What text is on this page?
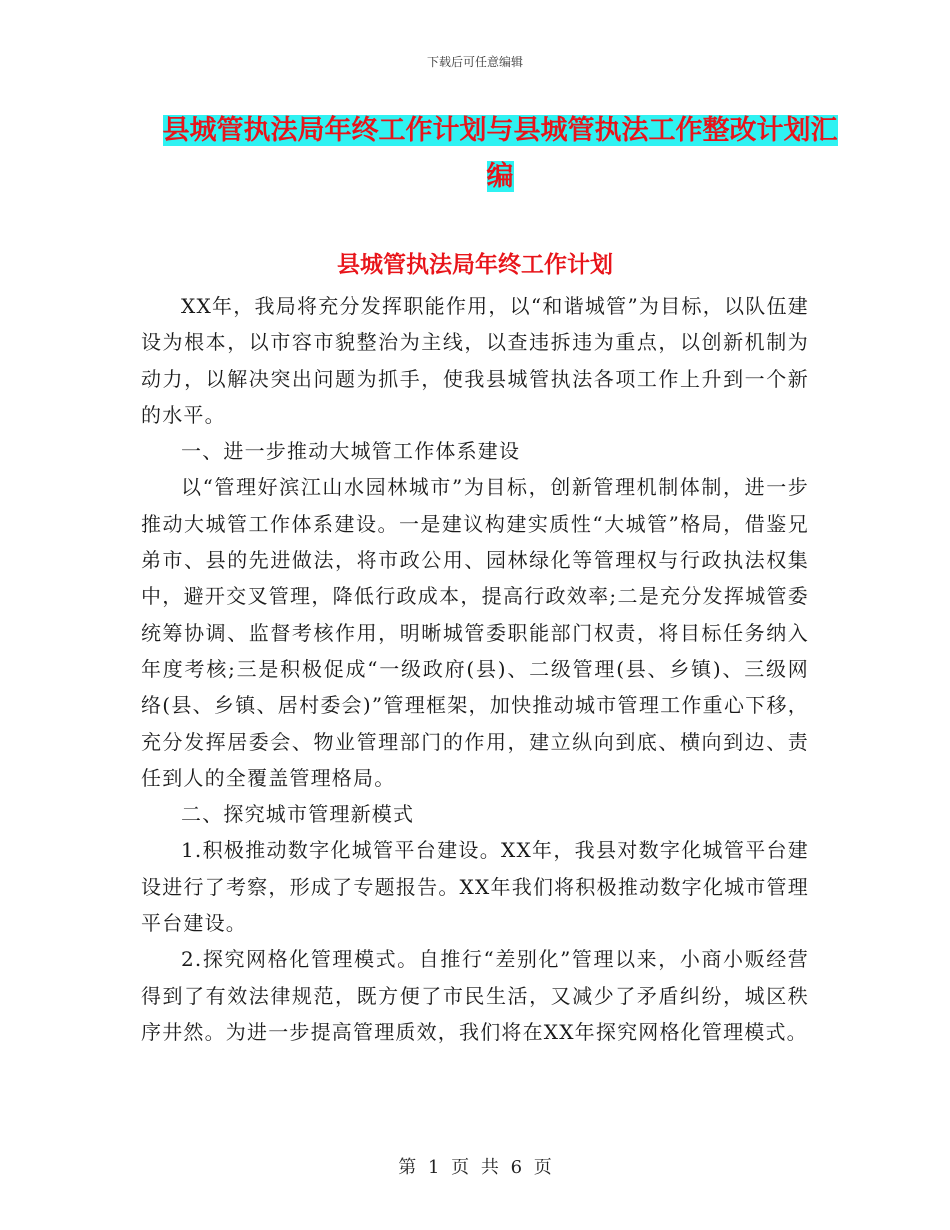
下载后可任意编辑
县城管执法局年终工作计划与县城管执法工作整改计划汇编
县城管执法局年终工作计划

XX年，我局将充分发挥职能作用，以“和谐城管”为目标，以队伍建设为根本，以市容市貌整治为主线，以查违拆违为重点，以创新机制为动力，以解决突出问题为抓手，使我县城管执法各项工作上升到一个新的水平。

一、进一步推动大城管工作体系建设

以“管理好滨江山水园林城市”为目标，创新管理机制体制，进一步推动大城管工作体系建设。一是建议构建实质性“大城管”格局，借鉴兄弟市、县的先进做法，将市政公用、园林绿化等管理权与行政执法权集中，避开交叉管理，降低行政成本，提高行政效率;二是充分发挥城管委统筹协调、监督考核作用，明晰城管委职能部门权责，将目标任务纳入年度考核;三是积极促成“一级政府(县)、二级管理(县、乡镇)、三级网络(县、乡镇、居村委会)”管理框架，加快推动城市管理工作重心下移，充分发挥居委会、物业管理部门的作用，建立纵向到底、横向到边、责任到人的全覆盖管理格局。

二、探究城市管理新模式

1.积极推动数字化城管平台建设。XX年，我县对数字化城管平台建设进行了考察，形成了专题报告。XX年我们将积极推动数字化城市管理平台建设。

2.探究网格化管理模式。自推行“差别化”管理以来，小商小贩经营得到了有效法律规范，既方便了市民生活，又减少了矛盾纠纷，城区秩序井然。为进一步提高管理质效，我们将在XX年探究网格化管理模式。

第 1 页 共 6 页
